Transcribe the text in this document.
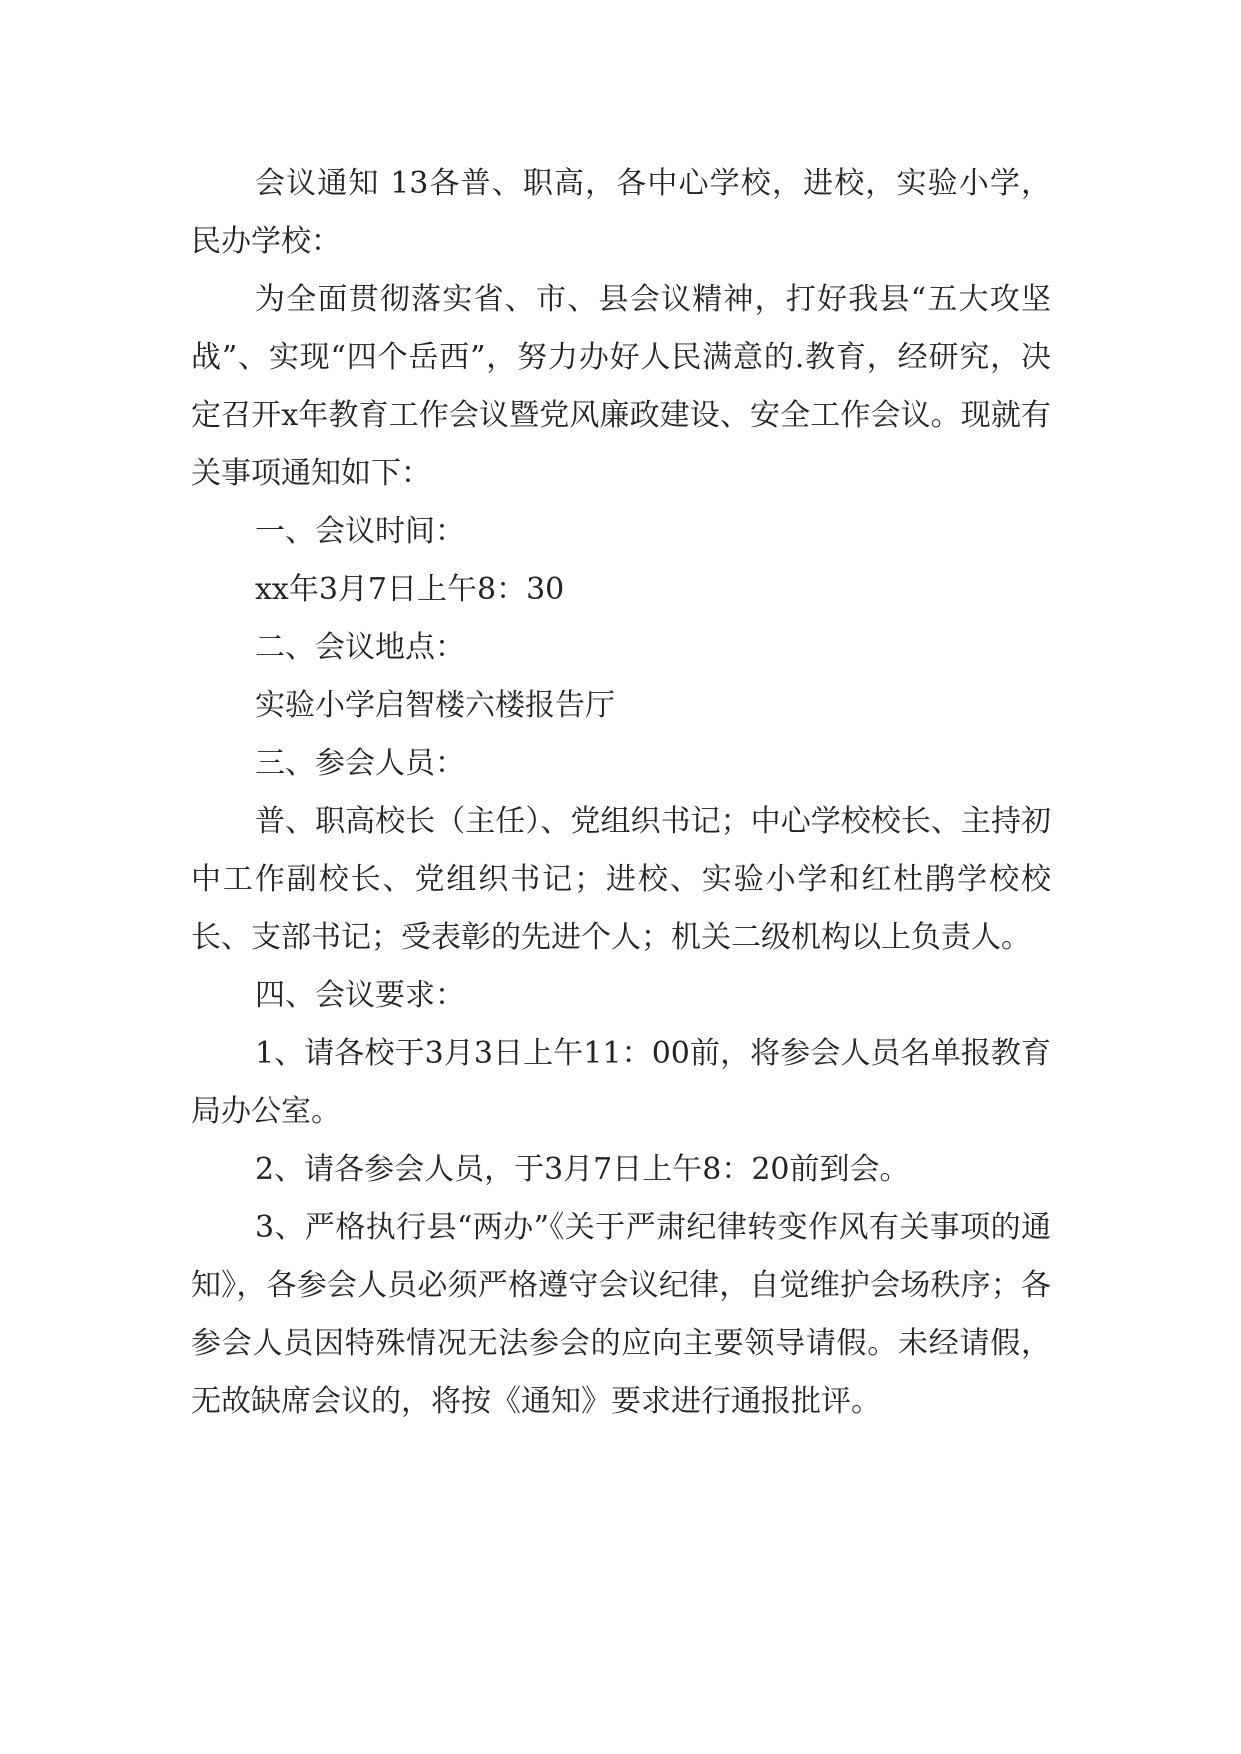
会议通知 13各普、职高，各中心学校，进校，实验小学，民办学校：

为全面贯彻落实省、市、县会议精神，打好我县“五大攻坚战”、实现“四个岳西”，努力办好人民满意的.教育，经研究，决定召开x年教育工作会议暨党风廉政建设、安全工作会议。现就有关事项通知如下：

一、会议时间：

xx年3月7日上午8：30

二、会议地点：

实验小学启智楼六楼报告厅

三、参会人员：

普、职高校长（主任）、党组织书记；中心学校校长、主持初中工作副校长、党组织书记；进校、实验小学和红杜鹃学校校长、支部书记；受表彰的先进个人；机关二级机构以上负责人。

四、会议要求：

1、请各校于3月3日上午11：00前，将参会人员名单报教育局办公室。

2、请各参会人员，于3月7日上午8：20前到会。

3、严格执行县“两办”《关于严肃纪律转变作风有关事项的通知》，各参会人员必须严格遵守会议纪律，自觉维护会场秩序；各参会人员因特殊情况无法参会的应向主要领导请假。未经请假，无故缺席会议的，将按《通知》要求进行通报批评。
